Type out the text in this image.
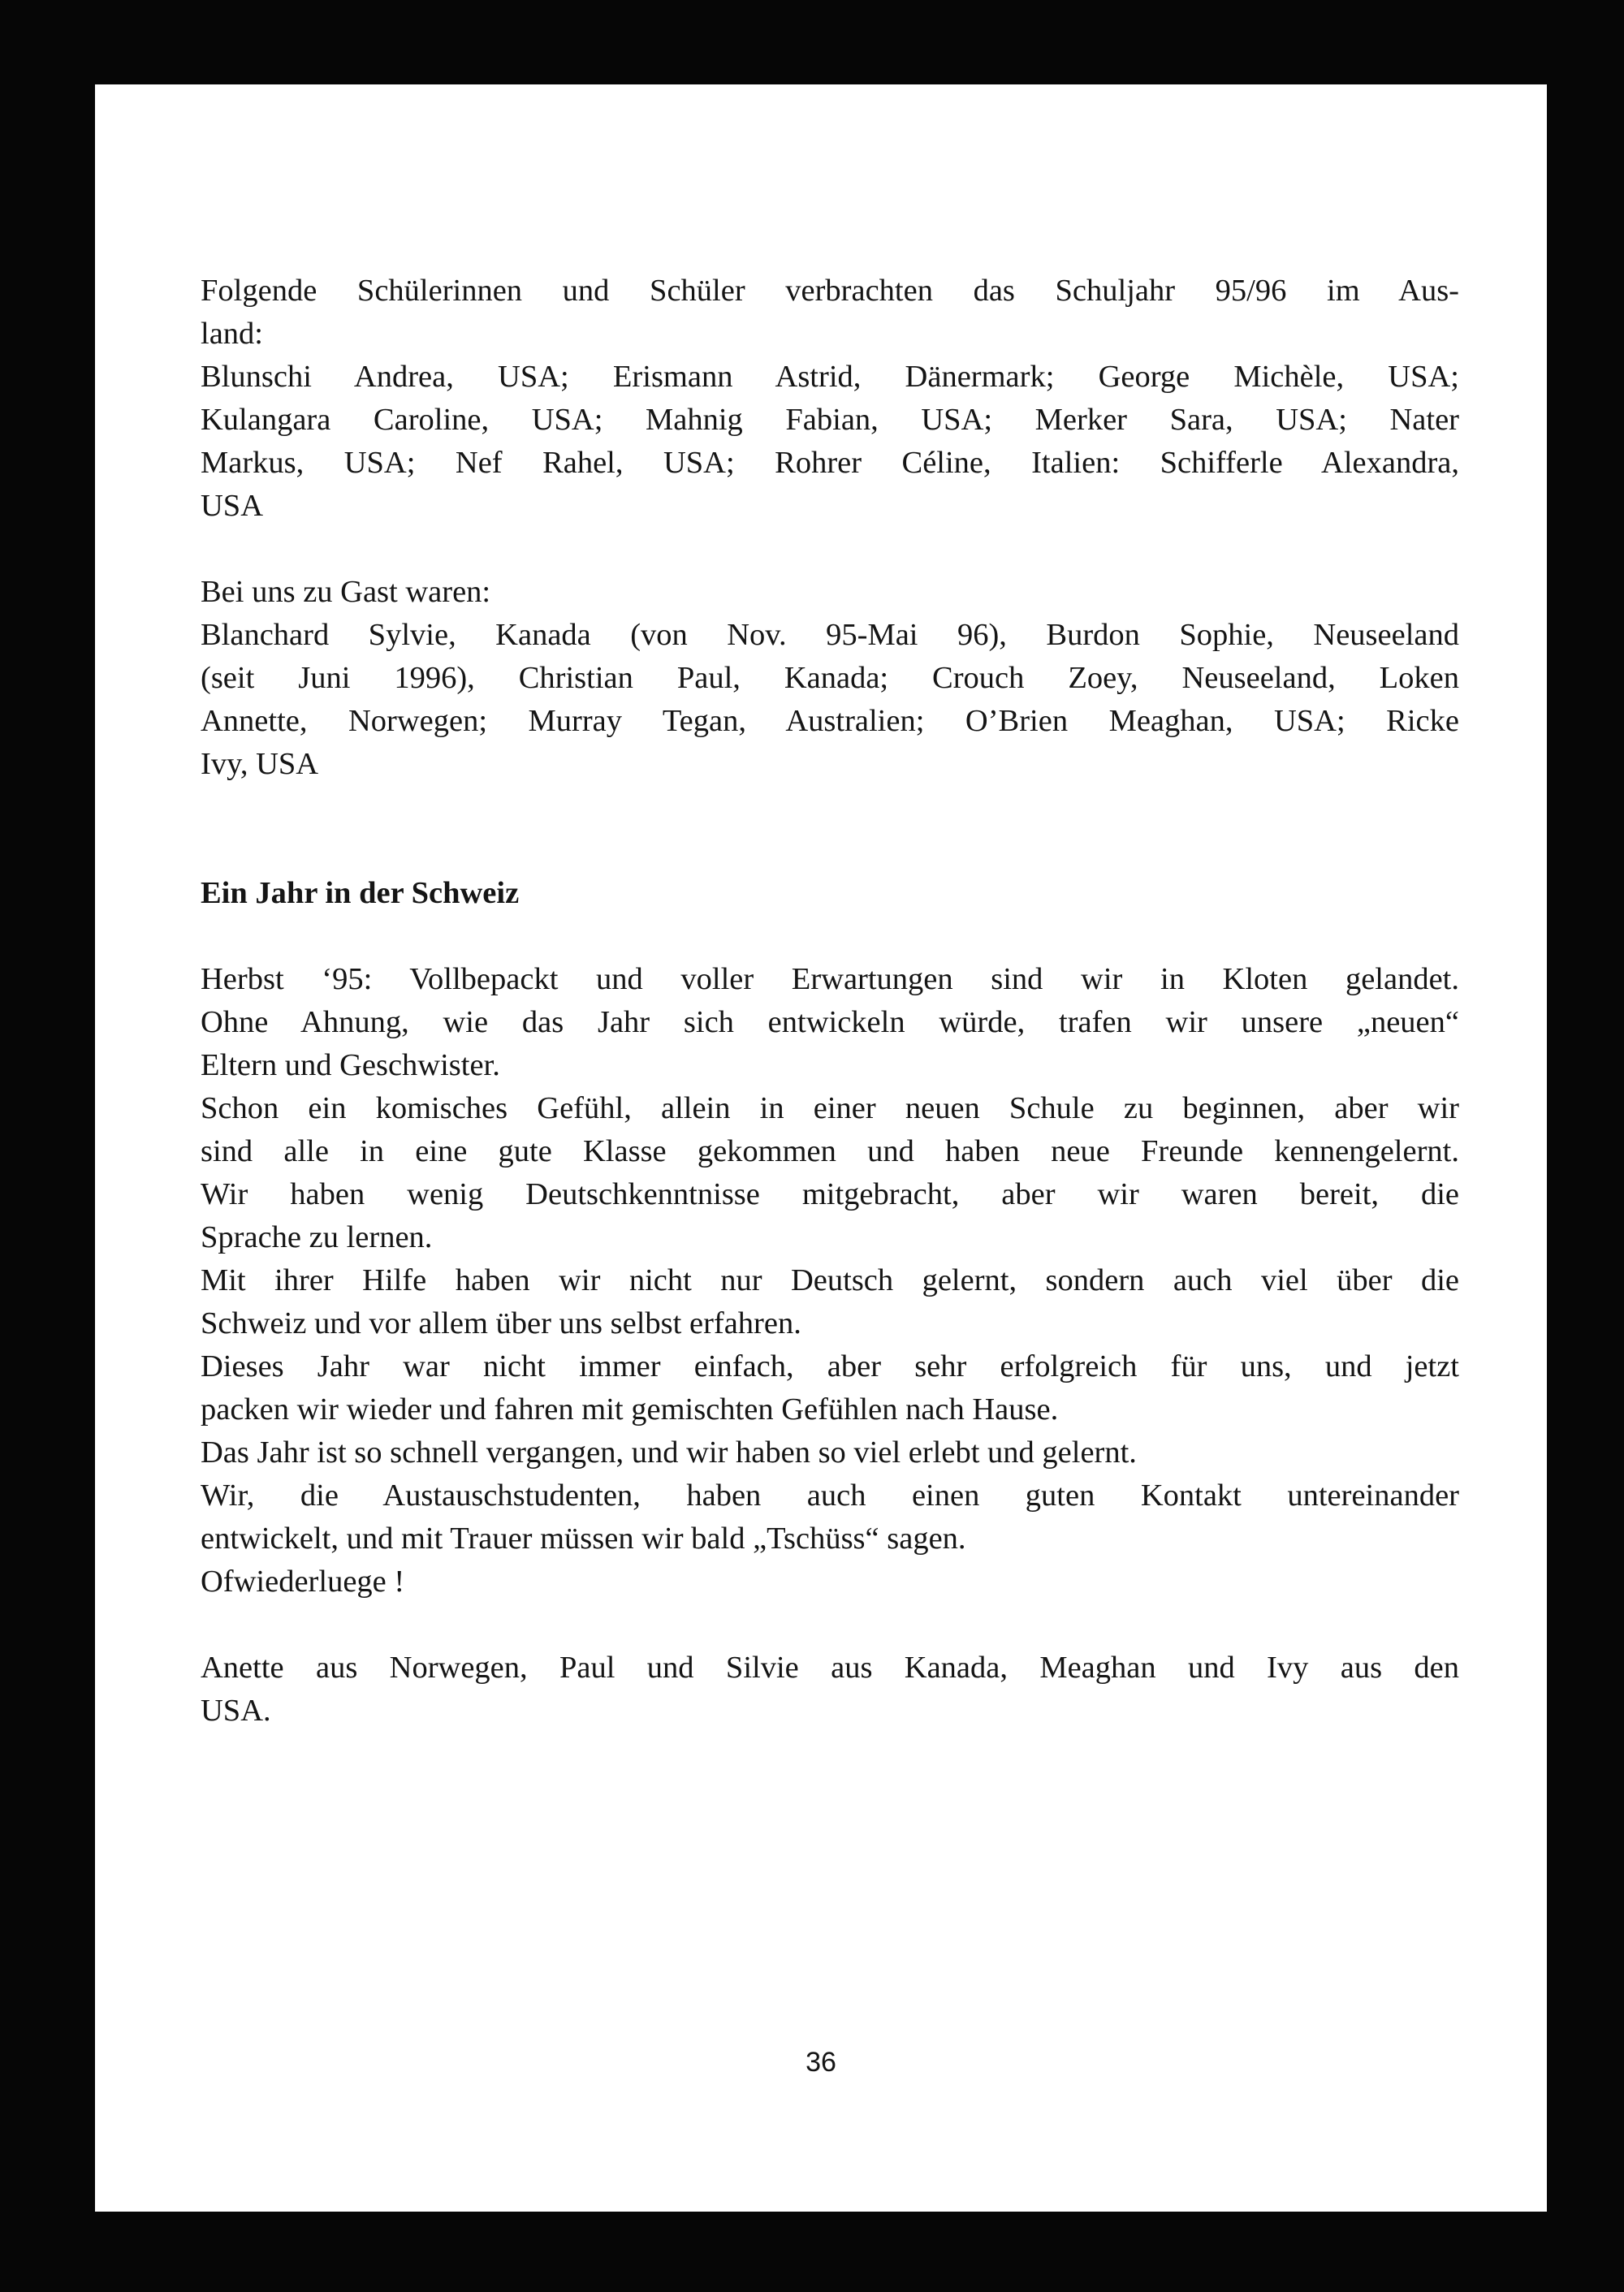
Folgende Schülerinnen und Schüler verbrachten das Schuljahr 95/96 im Aus-
land:
Blunschi Andrea, USA; Erismann Astrid, Dänermark; George Michèle, USA;
Kulangara Caroline, USA; Mahnig Fabian, USA; Merker Sara, USA; Nater
Markus, USA; Nef Rahel, USA; Rohrer Céline, Italien: Schifferle Alexandra,
USA
Bei uns zu Gast waren:
Blanchard Sylvie, Kanada (von Nov. 95-Mai 96), Burdon Sophie, Neuseeland
(seit Juni 1996), Christian Paul, Kanada; Crouch Zoey, Neuseeland, Loken
Annette, Norwegen; Murray Tegan, Australien; O’Brien Meaghan, USA; Ricke
Ivy, USA
Ein Jahr in der Schweiz
Herbst ‘95: Vollbepackt und voller Erwartungen sind wir in Kloten gelandet.
Ohne Ahnung, wie das Jahr sich entwickeln würde, trafen wir unsere „neuen“
Eltern und Geschwister.
Schon ein komisches Gefühl, allein in einer neuen Schule zu beginnen, aber wir
sind alle in eine gute Klasse gekommen und haben neue Freunde kennengelernt.
Wir haben wenig Deutschkenntnisse mitgebracht, aber wir waren bereit, die
Sprache zu lernen.
Mit ihrer Hilfe haben wir nicht nur Deutsch gelernt, sondern auch viel über die
Schweiz und vor allem über uns selbst erfahren.
Dieses Jahr war nicht immer einfach, aber sehr erfolgreich für uns, und jetzt
packen wir wieder und fahren mit gemischten Gefühlen nach Hause.
Das Jahr ist so schnell vergangen, und wir haben so viel erlebt und gelernt.
Wir, die Austauschstudenten, haben auch einen guten Kontakt untereinander
entwickelt, und mit Trauer müssen wir bald „Tschüss“ sagen.
Ofwiederluege !
Anette aus Norwegen, Paul und Silvie aus Kanada, Meaghan und Ivy aus den
USA.
36
